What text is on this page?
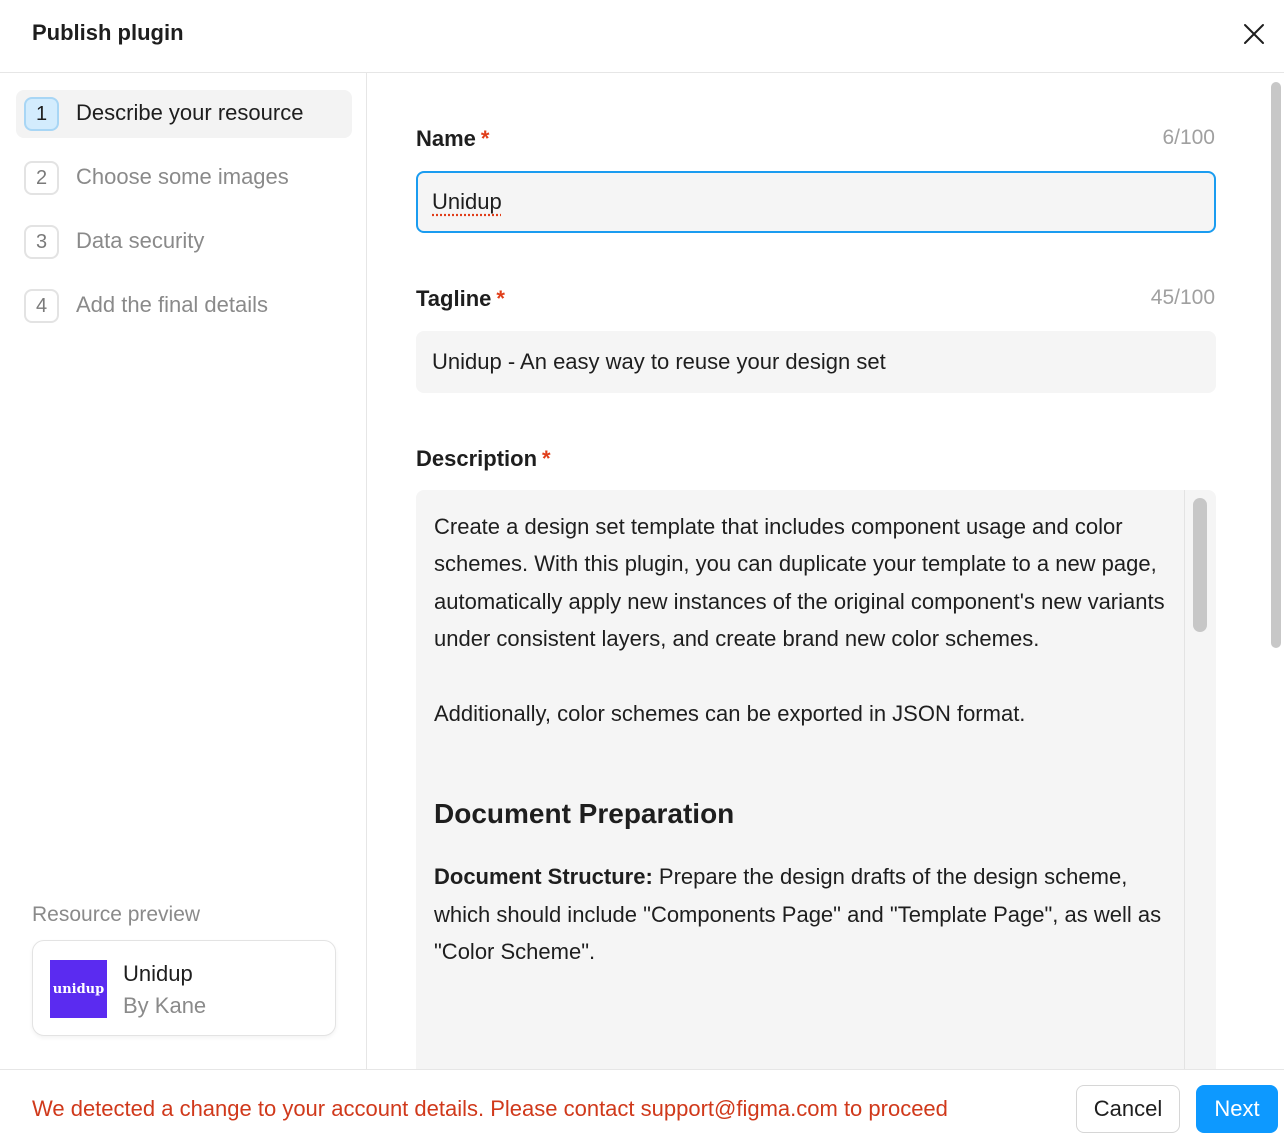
Publish plugin
1	Describe your resource
2	Choose some images
3	Data security
4	Add the final details
Resource preview
unidup
Unidup
By Kane
Name *	6/100
Unidup
Tagline *	45/100
Unidup - An easy way to reuse your design set
Description *

Create a design set template that includes component usage and color schemes. With this plugin, you can duplicate your template to a new page, automatically apply new instances of the original component's new variants under consistent layers, and create brand new color schemes.

Additionally, color schemes can be exported in JSON format.

Document Preparation

Document Structure: Prepare the design drafts of the design scheme, which should include "Components Page" and "Template Page", as well as "Color Scheme".

We detected a change to your account details. Please contact support@figma.com to proceed	Cancel	Next
